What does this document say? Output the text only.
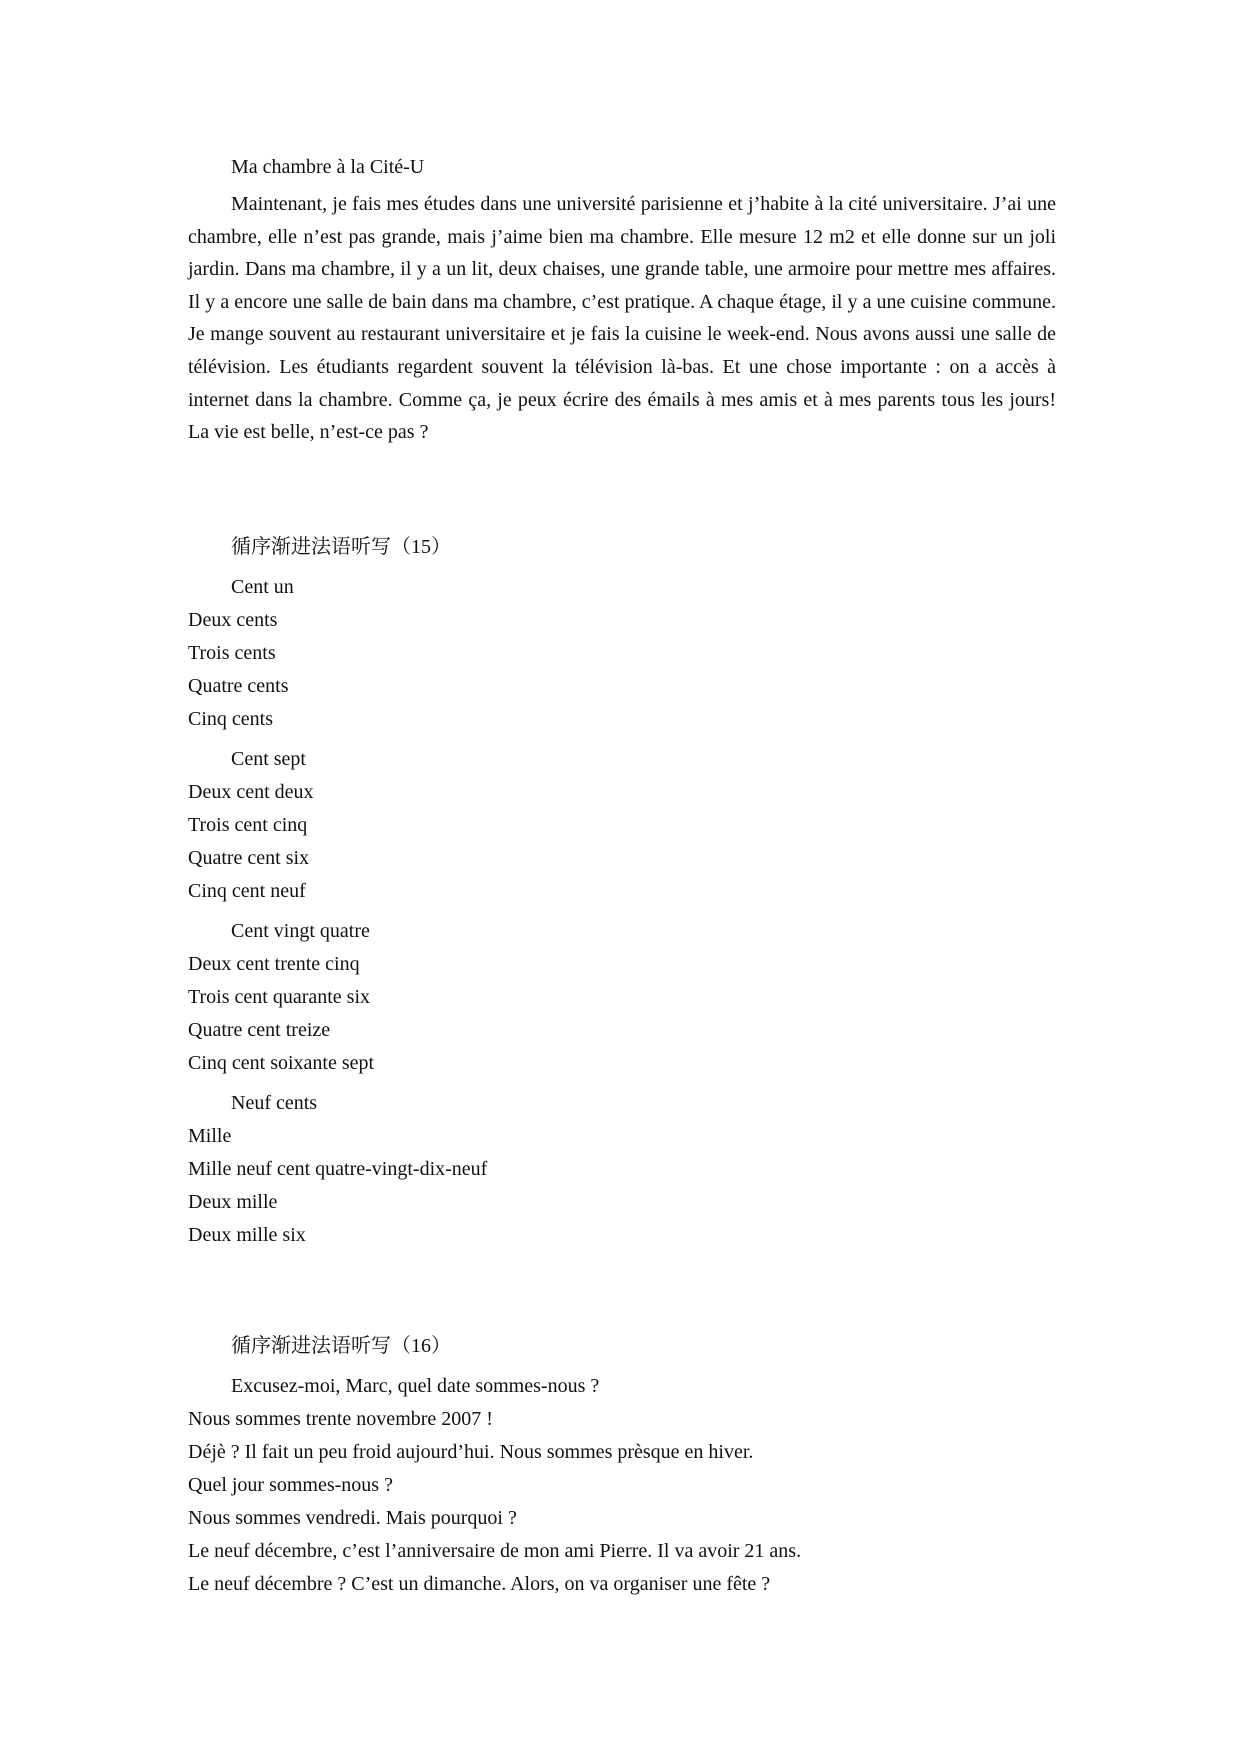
Ma chambre à la Cité-U

Maintenant, je fais mes études dans une université parisienne et j’habite à la cité universitaire. J’ai une chambre, elle n’est pas grande, mais j’aime bien ma chambre. Elle mesure 12 m2 et elle donne sur un joli jardin. Dans ma chambre, il y a un lit, deux chaises, une grande table, une armoire pour mettre mes affaires. Il y a encore une salle de bain dans ma chambre, c’est pratique. A chaque étage, il y a une cuisine commune. Je mange souvent au restaurant universitaire et je fais la cuisine le week-end. Nous avons aussi une salle de télévision. Les étudiants regardent souvent la télévision là-bas. Et une chose importante : on a accès à internet dans la chambre. Comme ça, je peux écrire des émails à mes amis et à mes parents tous les jours! La vie est belle, n’est-ce pas ?

循序渐进法语听写（15）

Cent un

Deux cents

Trois cents

Quatre cents

Cinq cents

Cent sept

Deux cent deux

Trois cent cinq

Quatre cent six

Cinq cent neuf

Cent vingt quatre

Deux cent trente cinq

Trois cent quarante six

Quatre cent treize

Cinq cent soixante sept

Neuf cents

Mille

Mille neuf cent quatre-vingt-dix-neuf

Deux mille

Deux mille six

循序渐进法语听写（16）

Excusez-moi, Marc, quel date sommes-nous ?

Nous sommes trente novembre 2007 !

Déjè ? Il fait un peu froid aujourd’hui. Nous sommes prèsque en hiver.

Quel jour sommes-nous ?

Nous sommes vendredi. Mais pourquoi ?

Le neuf décembre, c’est l’anniversaire de mon ami Pierre. Il va avoir 21 ans.

Le neuf décembre ? C’est un dimanche. Alors, on va organiser une fête ?
